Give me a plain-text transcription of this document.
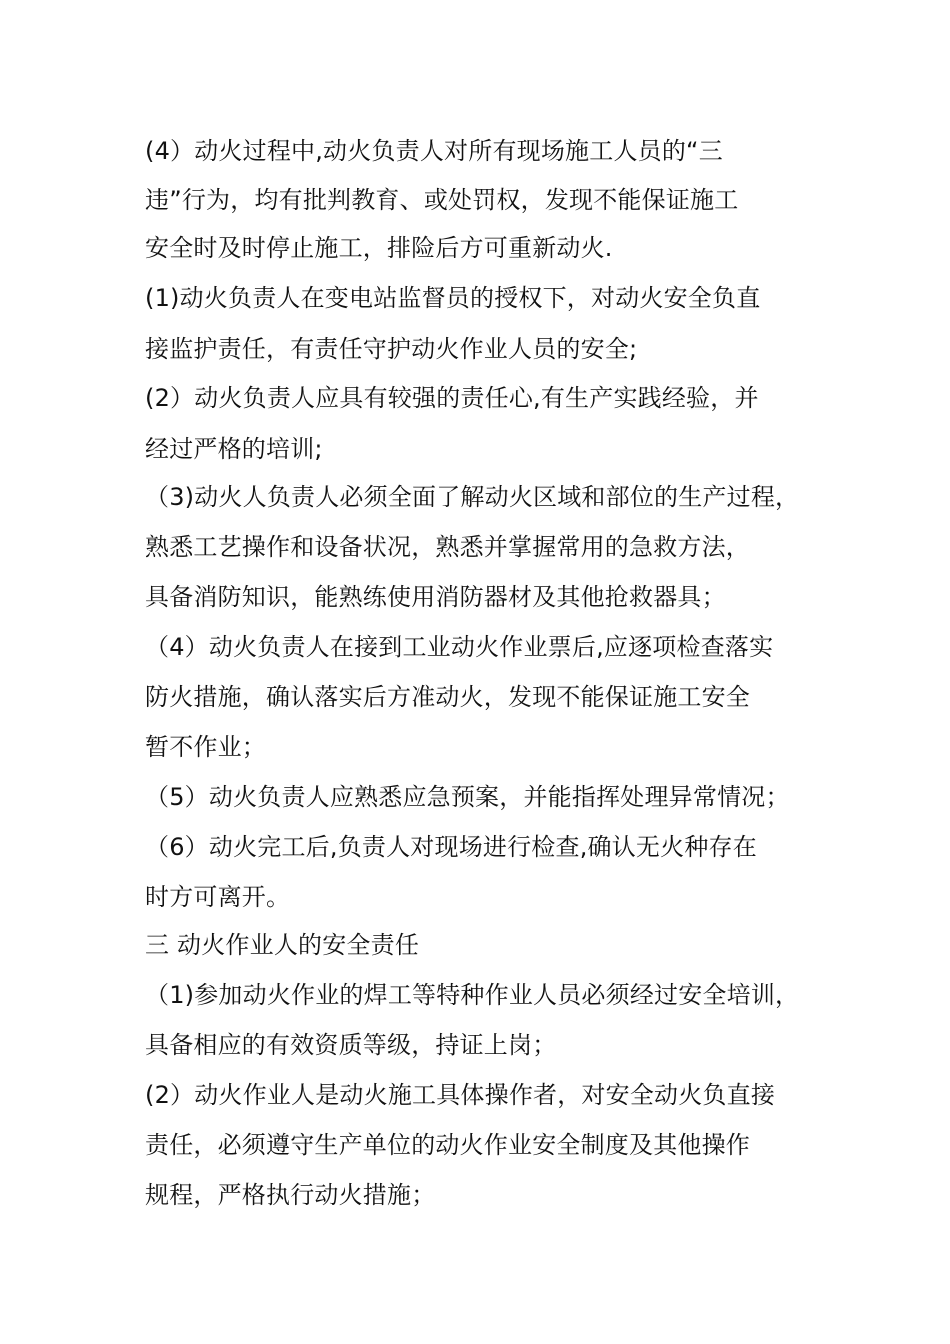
(4）动火过程中,动火负责人对所有现场施工人员的“三
违”行为，均有批判教育、或处罚权，发现不能保证施工
安全时及时停止施工，排险后方可重新动火.
(1)动火负责人在变电站监督员的授权下，对动火安全负直
接监护责任，有责任守护动火作业人员的安全;
(2）动火负责人应具有较强的责任心,有生产实践经验，并
经过严格的培训;
（3)动火人负责人必须全面了解动火区域和部位的生产过程，
熟悉工艺操作和设备状况，熟悉并掌握常用的急救方法，
具备消防知识，能熟练使用消防器材及其他抢救器具；
（4）动火负责人在接到工业动火作业票后,应逐项检查落实
防火措施，确认落实后方准动火，发现不能保证施工安全
暂不作业；
（5）动火负责人应熟悉应急预案，并能指挥处理异常情况；
（6）动火完工后,负责人对现场进行检查,确认无火种存在
时方可离开。
三 动火作业人的安全责任
（1)参加动火作业的焊工等特种作业人员必须经过安全培训，
具备相应的有效资质等级，持证上岗；
(2）动火作业人是动火施工具体操作者，对安全动火负直接
责任，必须遵守生产单位的动火作业安全制度及其他操作
规程，严格执行动火措施；
